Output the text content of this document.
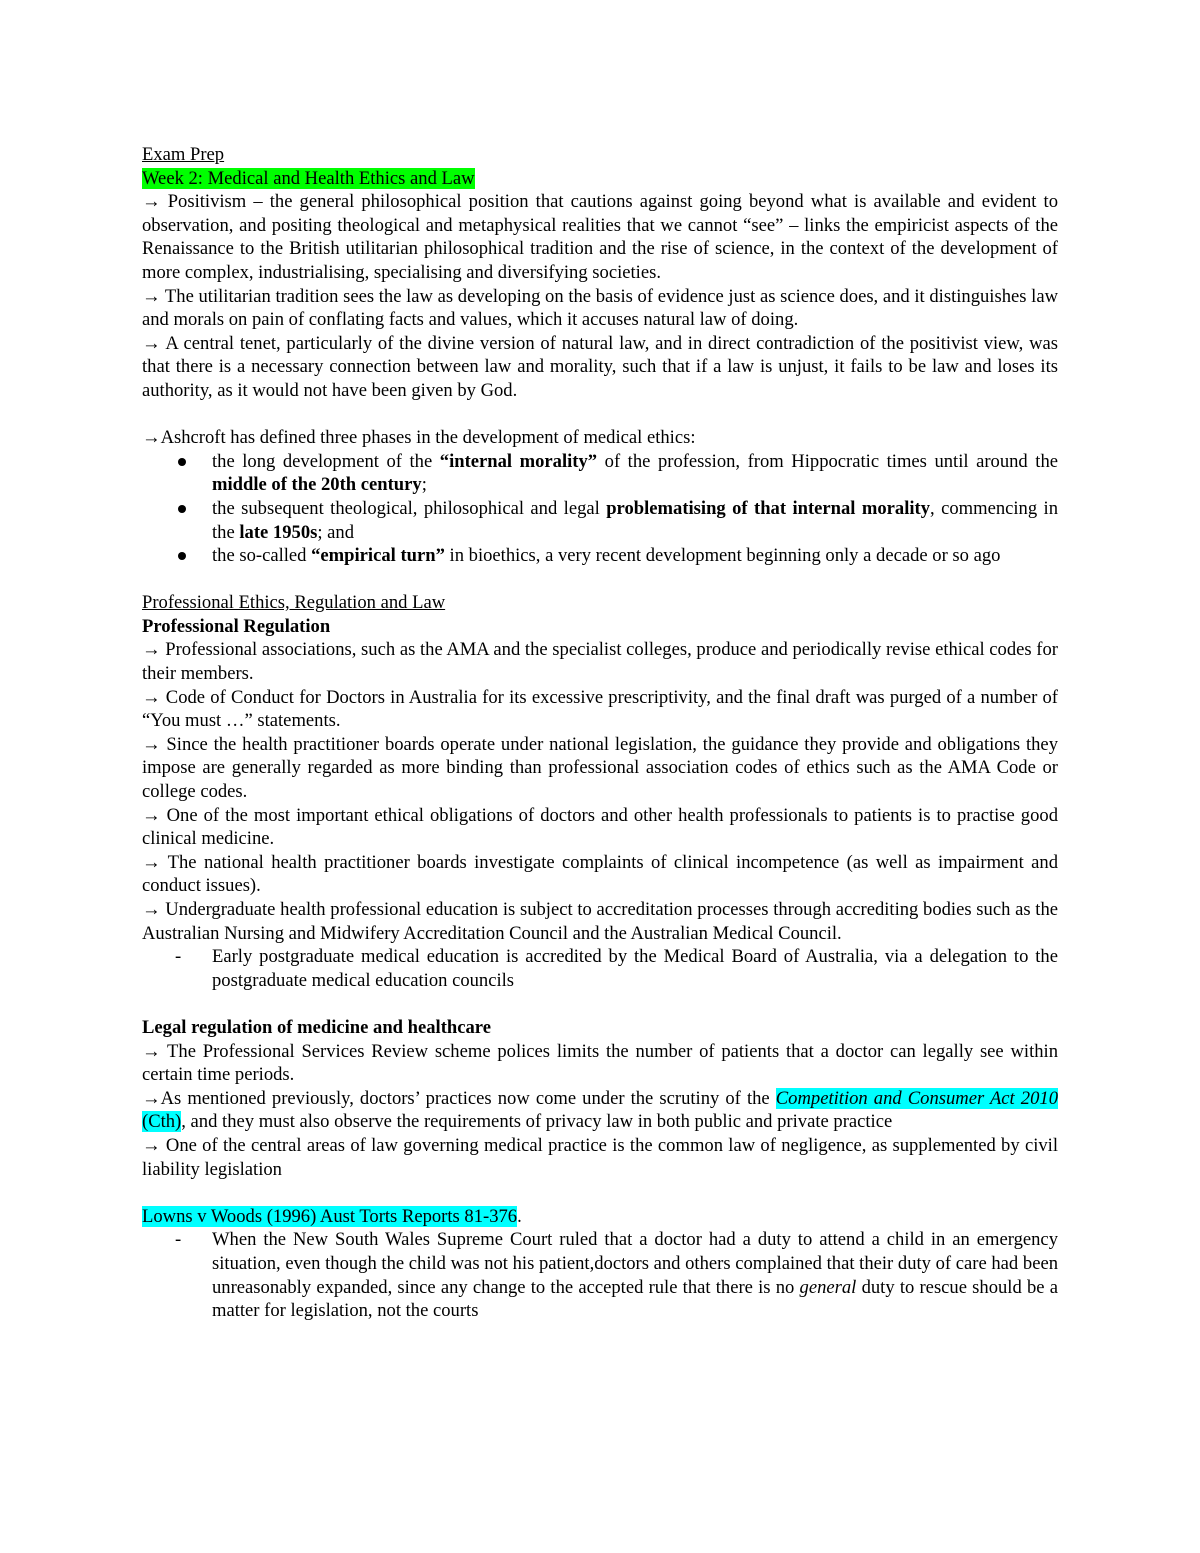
Exam Prep

Week 2: Medical and Health Ethics and Law

→ Positivism – the general philosophical position that cautions against going beyond what is available and evident to observation, and positing theological and metaphysical realities that we cannot “see” – links the empiricist aspects of the Renaissance to the British utilitarian philosophical tradition and the rise of science, in the context of the development of more complex, industrialising, specialising and diversifying societies.

→ The utilitarian tradition sees the law as developing on the basis of evidence just as science does, and it distinguishes law and morals on pain of conflating facts and values, which it accuses natural law of doing.

→ A central tenet, particularly of the divine version of natural law, and in direct contradiction of the positivist view, was that there is a necessary connection between law and morality, such that if a law is unjust, it fails to be law and loses its authority, as it would not have been given by God.

→Ashcroft has defined three phases in the development of medical ethics:

the long development of the “internal morality” of the profession, from Hippocratic times until around the middle of the 20th century;
the subsequent theological, philosophical and legal problematising of that internal morality, commencing in the late 1950s; and
the so-called “empirical turn” in bioethics, a very recent development beginning only a decade or so ago

Professional Ethics, Regulation and Law

Professional Regulation

→ Professional associations, such as the AMA and the specialist colleges, produce and periodically revise ethical codes for their members.

→ Code of Conduct for Doctors in Australia for its excessive prescriptivity, and the final draft was purged of a number of “You must …” statements.

→ Since the health practitioner boards operate under national legislation, the guidance they provide and obligations they impose are generally regarded as more binding than professional association codes of ethics such as the AMA Code or college codes.

→ One of the most important ethical obligations of doctors and other health professionals to patients is to practise good clinical medicine.

→ The national health practitioner boards investigate complaints of clinical incompetence (as well as impairment and conduct issues).

→ Undergraduate health professional education is subject to accreditation processes through accrediting bodies such as the Australian Nursing and Midwifery Accreditation Council and the Australian Medical Council.

- Early postgraduate medical education is accredited by the Medical Board of Australia, via a delegation to the postgraduate medical education councils

Legal regulation of medicine and healthcare

→ The Professional Services Review scheme polices limits the number of patients that a doctor can legally see within certain time periods.

→As mentioned previously, doctors’ practices now come under the scrutiny of the Competition and Consumer Act 2010 (Cth), and they must also observe the requirements of privacy law in both public and private practice

→ One of the central areas of law governing medical practice is the common law of negligence, as supplemented by civil liability legislation

Lowns v Woods (1996) Aust Torts Reports 81-376.

- When the New South Wales Supreme Court ruled that a doctor had a duty to attend a child in an emergency situation, even though the child was not his patient,doctors and others complained that their duty of care had been unreasonably expanded, since any change to the accepted rule that there is no general duty to rescue should be a matter for legislation, not the courts
